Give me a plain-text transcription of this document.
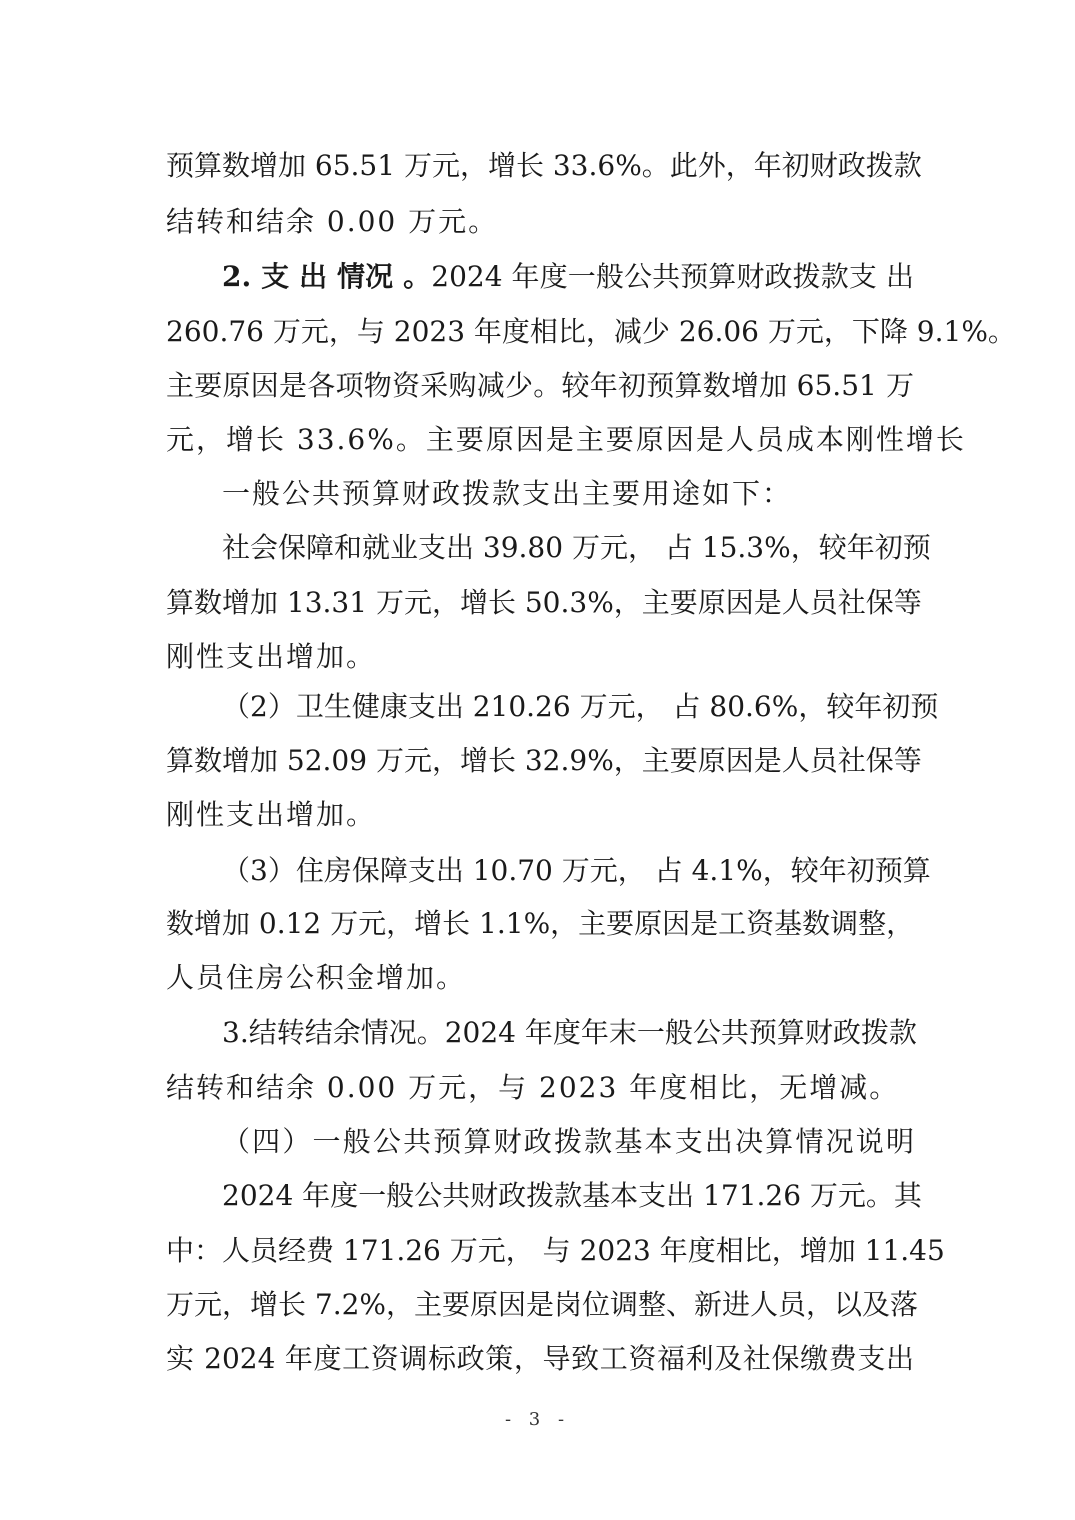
预算数增加 65.51 万元，增长 33.6%。此外，年初财政拨款
结转和结余 0.00 万元。
2. 支 出 情况 。2024 年度一般公共预算财政拨款支 出
260.76 万元，与 2023 年度相比，减少 26.06 万元，下降 9.1%。
主要原因是各项物资采购减少。较年初预算数增加 65.51 万
元，增长 33.6%。主要原因是主要原因是人员成本刚性增长
一般公共预算财政拨款支出主要用途如下：
社会保障和就业支出 39.80 万元， 占 15.3%，较年初预
算数增加 13.31 万元，增长 50.3%，主要原因是人员社保等
刚性支出增加。
（2）卫生健康支出 210.26 万元， 占 80.6%，较年初预
算数增加 52.09 万元，增长 32.9%，主要原因是人员社保等
刚性支出增加。
（3）住房保障支出 10.70 万元， 占 4.1%，较年初预算
数增加 0.12 万元，增长 1.1%，主要原因是工资基数调整，
人员住房公积金增加。
3.结转结余情况。2024 年度年末一般公共预算财政拨款
结转和结余 0.00 万元，与 2023 年度相比，无增减。
（四）一般公共预算财政拨款基本支出决算情况说明
2024 年度一般公共财政拨款基本支出 171.26 万元。其
中：人员经费 171.26 万元， 与 2023 年度相比，增加 11.45
万元，增长 7.2%，主要原因是岗位调整、新进人员，以及落
实 2024 年度工资调标政策，导致工资福利及社保缴费支出
- 3 -
